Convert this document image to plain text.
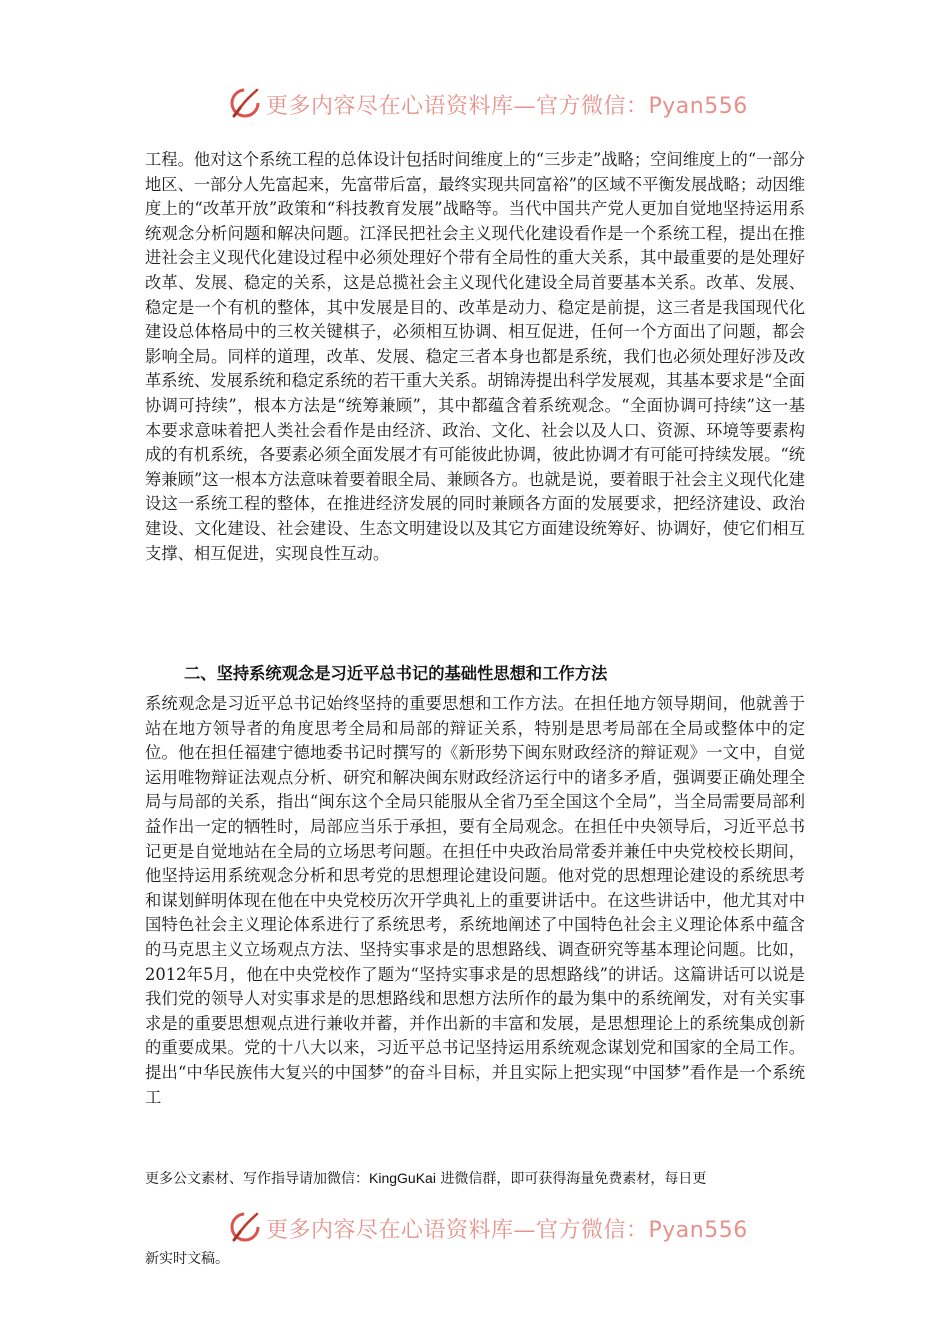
更多内容尽在心语资料库—官方微信：Pyan556

工程。他对这个系统工程的总体设计包括时间维度上的“三步走”战略；空间维度上的“一部分地区、一部分人先富起来，先富带后富，最终实现共同富裕”的区域不平衡发展战略；动因维度上的“改革开放”政策和“科技教育发展”战略等。当代中国共产党人更加自觉地坚持运用系统观念分析问题和解决问题。江泽民把社会主义现代化建设看作是一个系统工程，提出在推进社会主义现代化建设过程中必须处理好个带有全局性的重大关系，其中最重要的是处理好改革、发展、稳定的关系，这是总揽社会主义现代化建设全局首要基本关系。改革、发展、稳定是一个有机的整体，其中发展是目的、改革是动力、稳定是前提，这三者是我国现代化建设总体格局中的三枚关键棋子，必须相互协调、相互促进，任何一个方面出了问题，都会影响全局。同样的道理，改革、发展、稳定三者本身也都是系统，我们也必须处理好涉及改革系统、发展系统和稳定系统的若干重大关系。胡锦涛提出科学发展观，其基本要求是“全面协调可持续”，根本方法是“统筹兼顾”，其中都蕴含着系统观念。“全面协调可持续”这一基本要求意味着把人类社会看作是由经济、政治、文化、社会以及人口、资源、环境等要素构成的有机系统，各要素必须全面发展才有可能彼此协调，彼此协调才有可能可持续发展。“统筹兼顾”这一根本方法意味着要着眼全局、兼顾各方。也就是说，要着眼于社会主义现代化建设这一系统工程的整体，在推进经济发展的同时兼顾各方面的发展要求，把经济建设、政治建设、文化建设、社会建设、生态文明建设以及其它方面建设统筹好、协调好，使它们相互支撑、相互促进，实现良性互动。

二、坚持系统观念是习近平总书记的基础性思想和工作方法

系统观念是习近平总书记始终坚持的重要思想和工作方法。在担任地方领导期间，他就善于站在地方领导者的角度思考全局和局部的辩证关系，特别是思考局部在全局或整体中的定位。他在担任福建宁德地委书记时撰写的《新形势下闽东财政经济的辩证观》一文中，自觉运用唯物辩证法观点分析、研究和解决闽东财政经济运行中的诸多矛盾，强调要正确处理全局与局部的关系，指出“闽东这个全局只能服从全省乃至全国这个全局”，当全局需要局部利益作出一定的牺牲时，局部应当乐于承担，要有全局观念。在担任中央领导后，习近平总书记更是自觉地站在全局的立场思考问题。在担任中央政治局常委并兼任中央党校校长期间，他坚持运用系统观念分析和思考党的思想理论建设问题。他对党的思想理论建设的系统思考和谋划鲜明体现在他在中央党校历次开学典礼上的重要讲话中。在这些讲话中，他尤其对中国特色社会主义理论体系进行了系统思考，系统地阐述了中国特色社会主义理论体系中蕴含的马克思主义立场观点方法、坚持实事求是的思想路线、调查研究等基本理论问题。比如，2012年5月，他在中央党校作了题为“坚持实事求是的思想路线”的讲话。这篇讲话可以说是我们党的领导人对实事求是的思想路线和思想方法所作的最为集中的系统阐发，对有关实事求是的重要思想观点进行兼收并蓄，并作出新的丰富和发展，是思想理论上的系统集成创新的重要成果。党的十八大以来，习近平总书记坚持运用系统观念谋划党和国家的全局工作。提出“中华民族伟大复兴的中国梦”的奋斗目标，并且实际上把实现“中国梦”看作是一个系统工

更多公文素材、写作指导请加微信：KingGuKai 进微信群，即可获得海量免费素材，每日更

更多内容尽在心语资料库—官方微信：Pyan556

新实时文稿。
